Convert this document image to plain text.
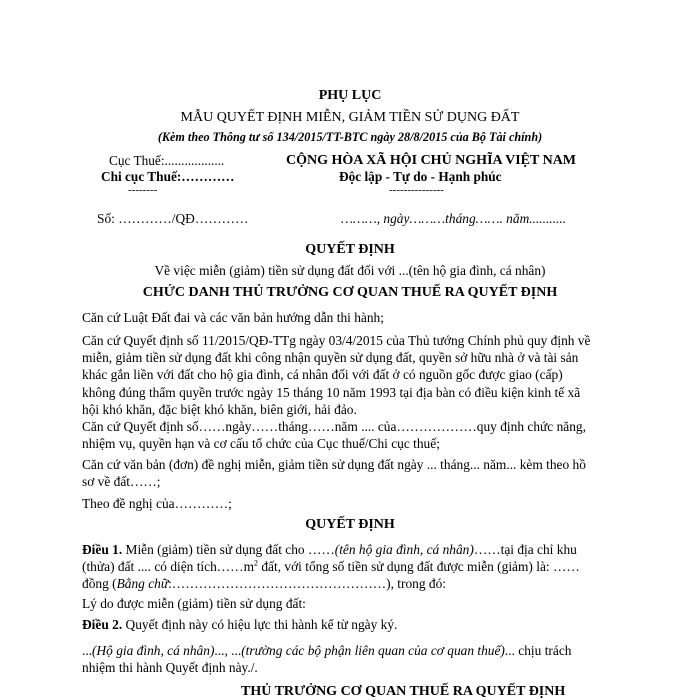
PHỤ LỤC
MẪU QUYẾT ĐỊNH MIỄN, GIẢM TIỀN SỬ DỤNG ĐẤT
(Kèm theo Thông tư số 134/2015/TT-BTC ngày 28/8/2015 của Bộ Tài chính)
Cục Thuế:..................
Chi cục Thuế:…………
--------
Số: …………/QĐ…………
CỘNG HÒA XÃ HỘI CHỦ NGHĨA VIỆT NAM
Độc lập - Tự do - Hạnh phúc
---------------
………, ngày………tháng……. năm...........
QUYẾT ĐỊNH
Về việc miễn (giảm) tiền sử dụng đất đối với ...(tên hộ gia đình, cá nhân)
CHỨC DANH THỦ TRƯỞNG CƠ QUAN THUẾ RA QUYẾT ĐỊNH
Căn cứ Luật Đất đai và các văn bản hướng dẫn thi hành;
Căn cứ Quyết định số 11/2015/QĐ-TTg ngày 03/4/2015 của Thủ tướng Chính phủ quy định về miễn, giảm tiền sử dụng đất khi công nhận quyền sử dụng đất, quyền sở hữu nhà ở và tài sản khác gắn liền với đất cho hộ gia đình, cá nhân đối với đất ở có nguồn gốc được giao (cấp) không đúng thẩm quyền trước ngày 15 tháng 10 năm 1993 tại địa bàn có điều kiện kinh tế xã hội khó khăn, đặc biệt khó khăn, biên giới, hải đảo.
Căn cứ Quyết định số……ngày……tháng……năm .... của………………quy định chức năng, nhiệm vụ, quyền hạn và cơ cấu tổ chức của Cục thuế/Chi cục thuế;
Căn cứ văn bản (đơn) đề nghị miễn, giảm tiền sử dụng đất ngày ... tháng... năm... kèm theo hồ sơ về đất……;
Theo đề nghị của…………;
QUYẾT ĐỊNH
Điều 1. Miễn (giảm) tiền sử dụng đất cho ……(tên hộ gia đình, cá nhân)……tại địa chỉ khu (thửa) đất .... có diện $tích\dots\dots m^2$ đất, với tổng số tiền sử dụng đất được miễn (giảm) là: …… đồng (Bằng chữ:…………………………………………), trong đó:
Lý do được miễn (giảm) tiền sử dụng đất:
Điều 2. Quyết định này có hiệu lực thi hành kể từ ngày ký.
...(Hộ gia đình, cá nhân)..., ...(trường các bộ phận liên quan của cơ quan thuế)... chịu trách nhiệm thi hành Quyết định này./.
THỦ TRƯỞNG CƠ QUAN THUẾ RA QUYẾT ĐỊNH
